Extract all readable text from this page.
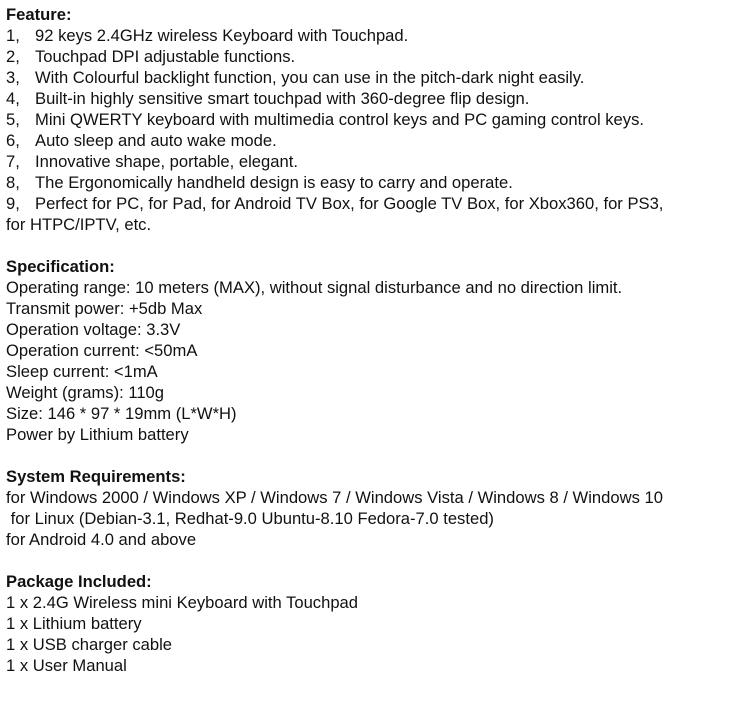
Feature:
1, 92 keys 2.4GHz wireless Keyboard with Touchpad.
2, Touchpad DPI adjustable functions.
3, With Colourful backlight function, you can use in the pitch-dark night easily.
4, Built-in highly sensitive smart touchpad with 360-degree flip design.
5, Mini QWERTY keyboard with multimedia control keys and PC gaming control keys.
6, Auto sleep and auto wake mode.
7, Innovative shape, portable, elegant.
8, The Ergonomically handheld design is easy to carry and operate.
9, Perfect for PC, for Pad, for Android TV Box, for Google TV Box, for Xbox360, for PS3,
for HTPC/IPTV, etc.
Specification:
Operating range: 10 meters (MAX), without signal disturbance and no direction limit.
Transmit power: +5db Max
Operation voltage: 3.3V
Operation current: <50mA
Sleep current: <1mA
Weight (grams): 110g
Size: 146 * 97 * 19mm (L*W*H)
Power by Lithium battery
System Requirements:
for Windows 2000 / Windows XP / Windows 7 / Windows Vista / Windows 8 / Windows 10
for Linux (Debian-3.1, Redhat-9.0 Ubuntu-8.10 Fedora-7.0 tested)
for Android 4.0 and above
Package Included:
1 x 2.4G Wireless mini Keyboard with Touchpad
1 x Lithium battery
1 x USB charger cable
1 x User Manual
